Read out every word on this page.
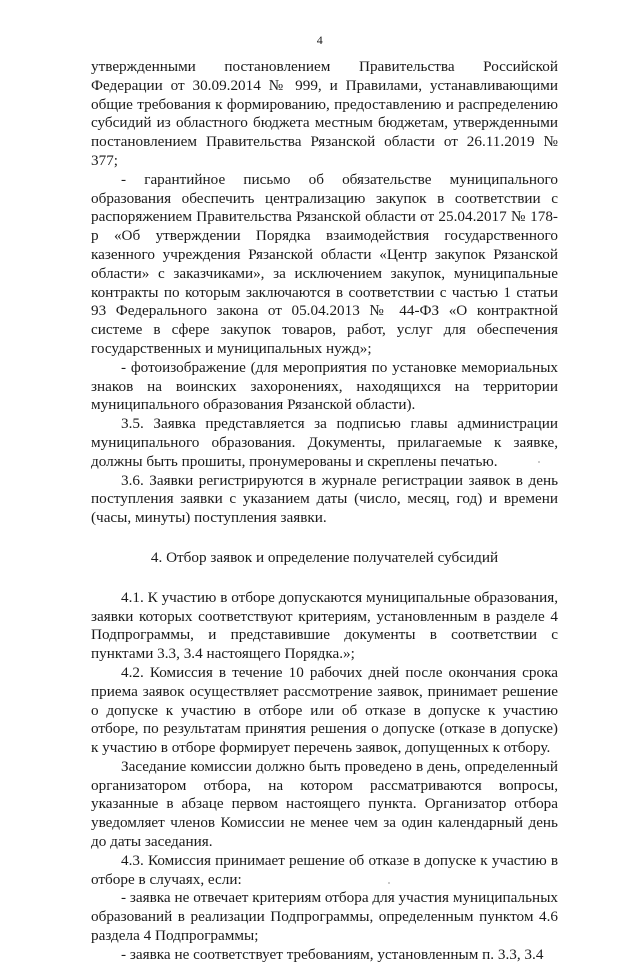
4

утвержденными постановлением Правительства Российской Федерации от 30.09.2014 № 999, и Правилами, устанавливающими общие требования к формированию, предоставлению и распределению субсидий из областного бюджета местным бюджетам, утвержденными постановлением Правительства Рязанской области от 26.11.2019 № 377;

- гарантийное письмо об обязательстве муниципального образования обеспечить централизацию закупок в соответствии с распоряжением Правительства Рязанской области от 25.04.2017 № 178-р «Об утверждении Порядка взаимодействия государственного казенного учреждения Рязанской области «Центр закупок Рязанской области» с заказчиками», за исключением закупок, муниципальные контракты по которым заключаются в соответствии с частью 1 статьи 93 Федерального закона от 05.04.2013 № 44-ФЗ «О контрактной системе в сфере закупок товаров, работ, услуг для обеспечения государственных и муниципальных нужд»;

- фотоизображение (для мероприятия по установке мемориальных знаков на воинских захоронениях, находящихся на территории муниципального образования Рязанской области).

3.5. Заявка представляется за подписью главы администрации муниципального образования. Документы, прилагаемые к заявке, должны быть прошиты, пронумерованы и скреплены печатью.

3.6. Заявки регистрируются в журнале регистрации заявок в день поступления заявки с указанием даты (число, месяц, год) и времени (часы, минуты) поступления заявки.

4. Отбор заявок и определение получателей субсидий

4.1. К участию в отборе допускаются муниципальные образования, заявки которых соответствуют критериям, установленным в разделе 4 Подпрограммы, и представившие документы в соответствии с пунктами 3.3, 3.4 настоящего Порядка.»;

4.2. Комиссия в течение 10 рабочих дней после окончания срока приема заявок осуществляет рассмотрение заявок, принимает решение о допуске к участию в отборе или об отказе в допуске к участию отборе, по результатам принятия решения о допуске (отказе в допуске) к участию в отборе формирует перечень заявок, допущенных к отбору.

Заседание комиссии должно быть проведено в день, определенный организатором отбора, на котором рассматриваются вопросы, указанные в абзаце первом настоящего пункта. Организатор отбора уведомляет членов Комиссии не менее чем за один календарный день до даты заседания.

4.3. Комиссия принимает решение об отказе в допуске к участию в отборе в случаях, если:

- заявка не отвечает критериям отбора для участия муниципальных образований в реализации Подпрограммы, определенным пунктом 4.6 раздела 4 Подпрограммы;

- заявка не соответствует требованиям, установленным п. 3.3, 3.4
